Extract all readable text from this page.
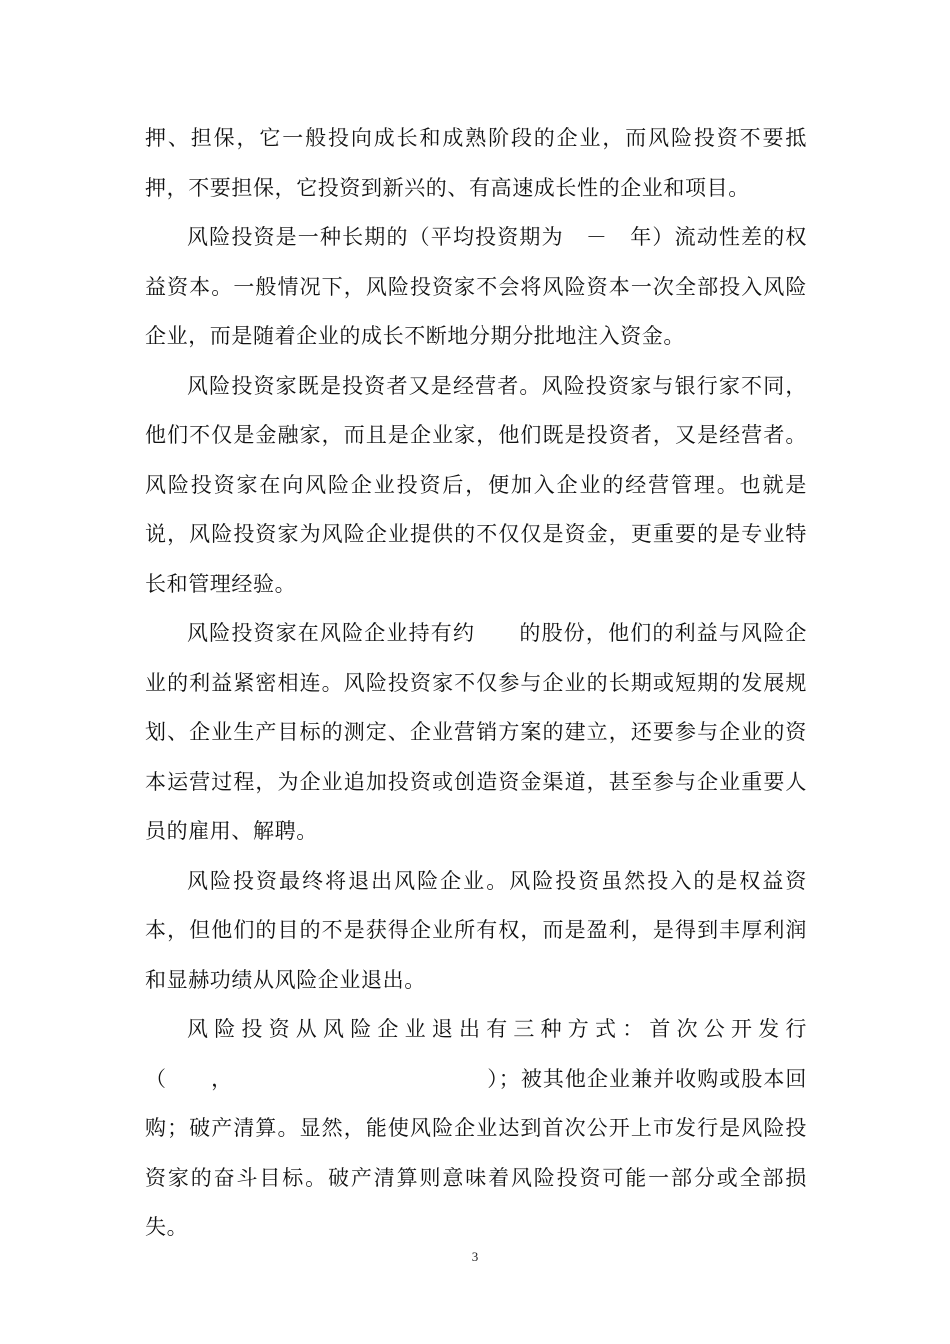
押、担保，它一般投向成长和成熟阶段的企业，而风险投资不要抵押，不要担保，它投资到新兴的、有高速成长性的企业和项目。

风险投资是一种长期的（平均投资期为　－　年）流动性差的权益资本。一般情况下，风险投资家不会将风险资本一次全部投入风险企业，而是随着企业的成长不断地分期分批地注入资金。

风险投资家既是投资者又是经营者。风险投资家与银行家不同，他们不仅是金融家，而且是企业家，他们既是投资者，又是经营者。风险投资家在向风险企业投资后，便加入企业的经营管理。也就是说，风险投资家为风险企业提供的不仅仅是资金，更重要的是专业特长和管理经验。

风险投资家在风险企业持有约　　的股份，他们的利益与风险企业的利益紧密相连。风险投资家不仅参与企业的长期或短期的发展规划、企业生产目标的测定、企业营销方案的建立，还要参与企业的资本运营过程，为企业追加投资或创造资金渠道，甚至参与企业重要人员的雇用、解聘。

风险投资最终将退出风险企业。风险投资虽然投入的是权益资本，但他们的目的不是获得企业所有权，而是盈利，是得到丰厚利润和显赫功绩从风险企业退出。

风险投资从风险企业退出有三种方式：首次公开发行（　　，　　　　　　　　　　　　）；被其他企业兼并收购或股本回购；破产清算。显然，能使风险企业达到首次公开上市发行是风险投资家的奋斗目标。破产清算则意味着风险投资可能一部分或全部损失。

3
